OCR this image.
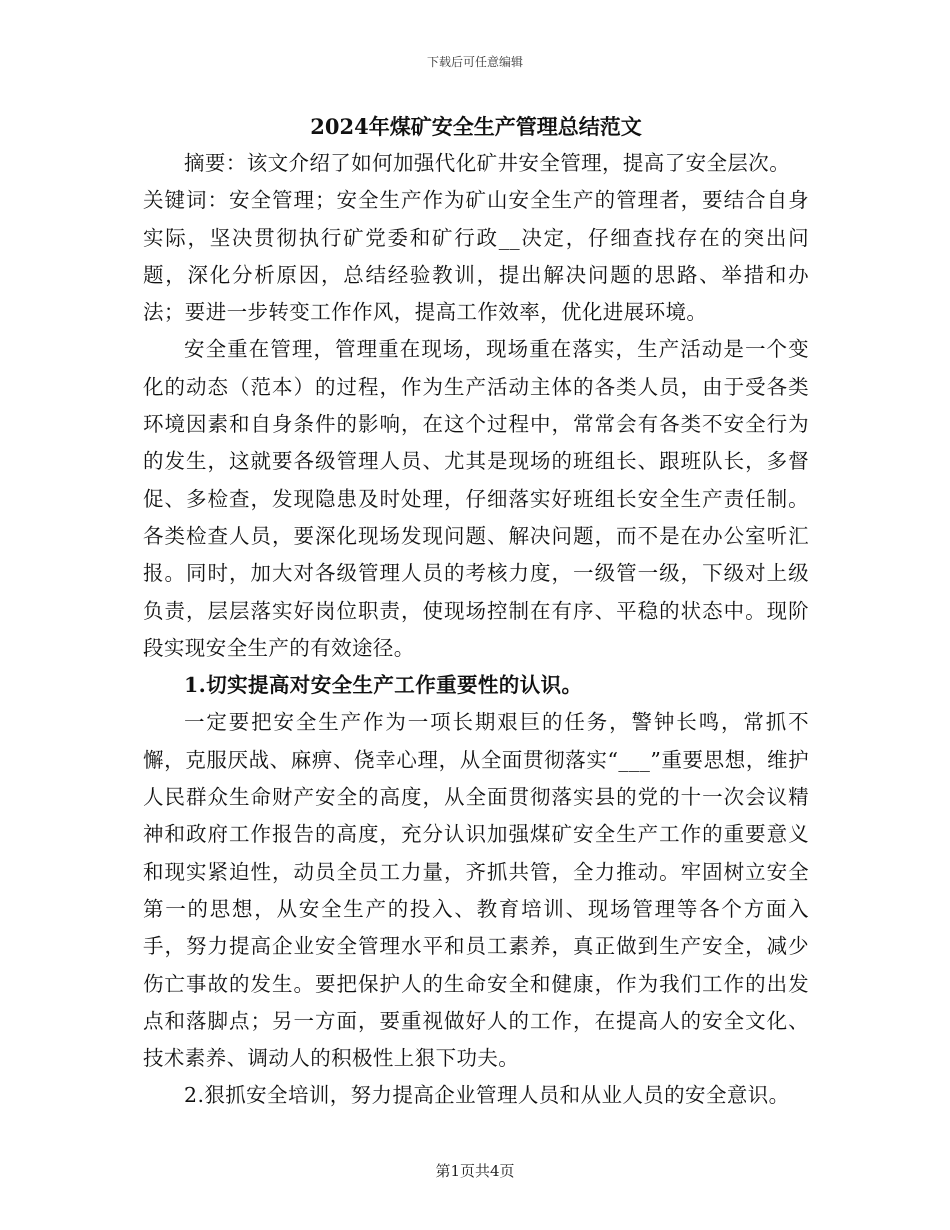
下载后可任意编辑
2024年煤矿安全生产管理总结范文

摘要：该文介绍了如何加强代化矿井安全管理，提高了安全层次。

关键词：安全管理；安全生产作为矿山安全生产的管理者，要结合自身实际，坚决贯彻执行矿党委和矿行政__决定，仔细查找存在的突出问题，深化分析原因，总结经验教训，提出解决问题的思路、举措和办法；要进一步转变工作作风，提高工作效率，优化进展环境。

安全重在管理，管理重在现场，现场重在落实，生产活动是一个变化的动态（范本）的过程，作为生产活动主体的各类人员，由于受各类环境因素和自身条件的影响，在这个过程中，常常会有各类不安全行为的发生，这就要各级管理人员、尤其是现场的班组长、跟班队长，多督促、多检查，发现隐患及时处理，仔细落实好班组长安全生产责任制。各类检查人员，要深化现场发现问题、解决问题，而不是在办公室听汇报。同时，加大对各级管理人员的考核力度，一级管一级，下级对上级负责，层层落实好岗位职责，使现场控制在有序、平稳的状态中。现阶段实现安全生产的有效途径。

1.切实提高对安全生产工作重要性的认识。

一定要把安全生产作为一项长期艰巨的任务，警钟长鸣，常抓不懈，克服厌战、麻痹、侥幸心理，从全面贯彻落实“___”重要思想，维护人民群众生命财产安全的高度，从全面贯彻落实县的党的十一次会议精神和政府工作报告的高度，充分认识加强煤矿安全生产工作的重要意义和现实紧迫性，动员全员工力量，齐抓共管，全力推动。牢固树立安全第一的思想，从安全生产的投入、教育培训、现场管理等各个方面入手，努力提高企业安全管理水平和员工素养，真正做到生产安全，减少伤亡事故的发生。要把保护人的生命安全和健康，作为我们工作的出发点和落脚点；另一方面，要重视做好人的工作，在提高人的安全文化、技术素养、调动人的积极性上狠下功夫。

2.狠抓安全培训，努力提高企业管理人员和从业人员的安全意识。

第1页共4页
